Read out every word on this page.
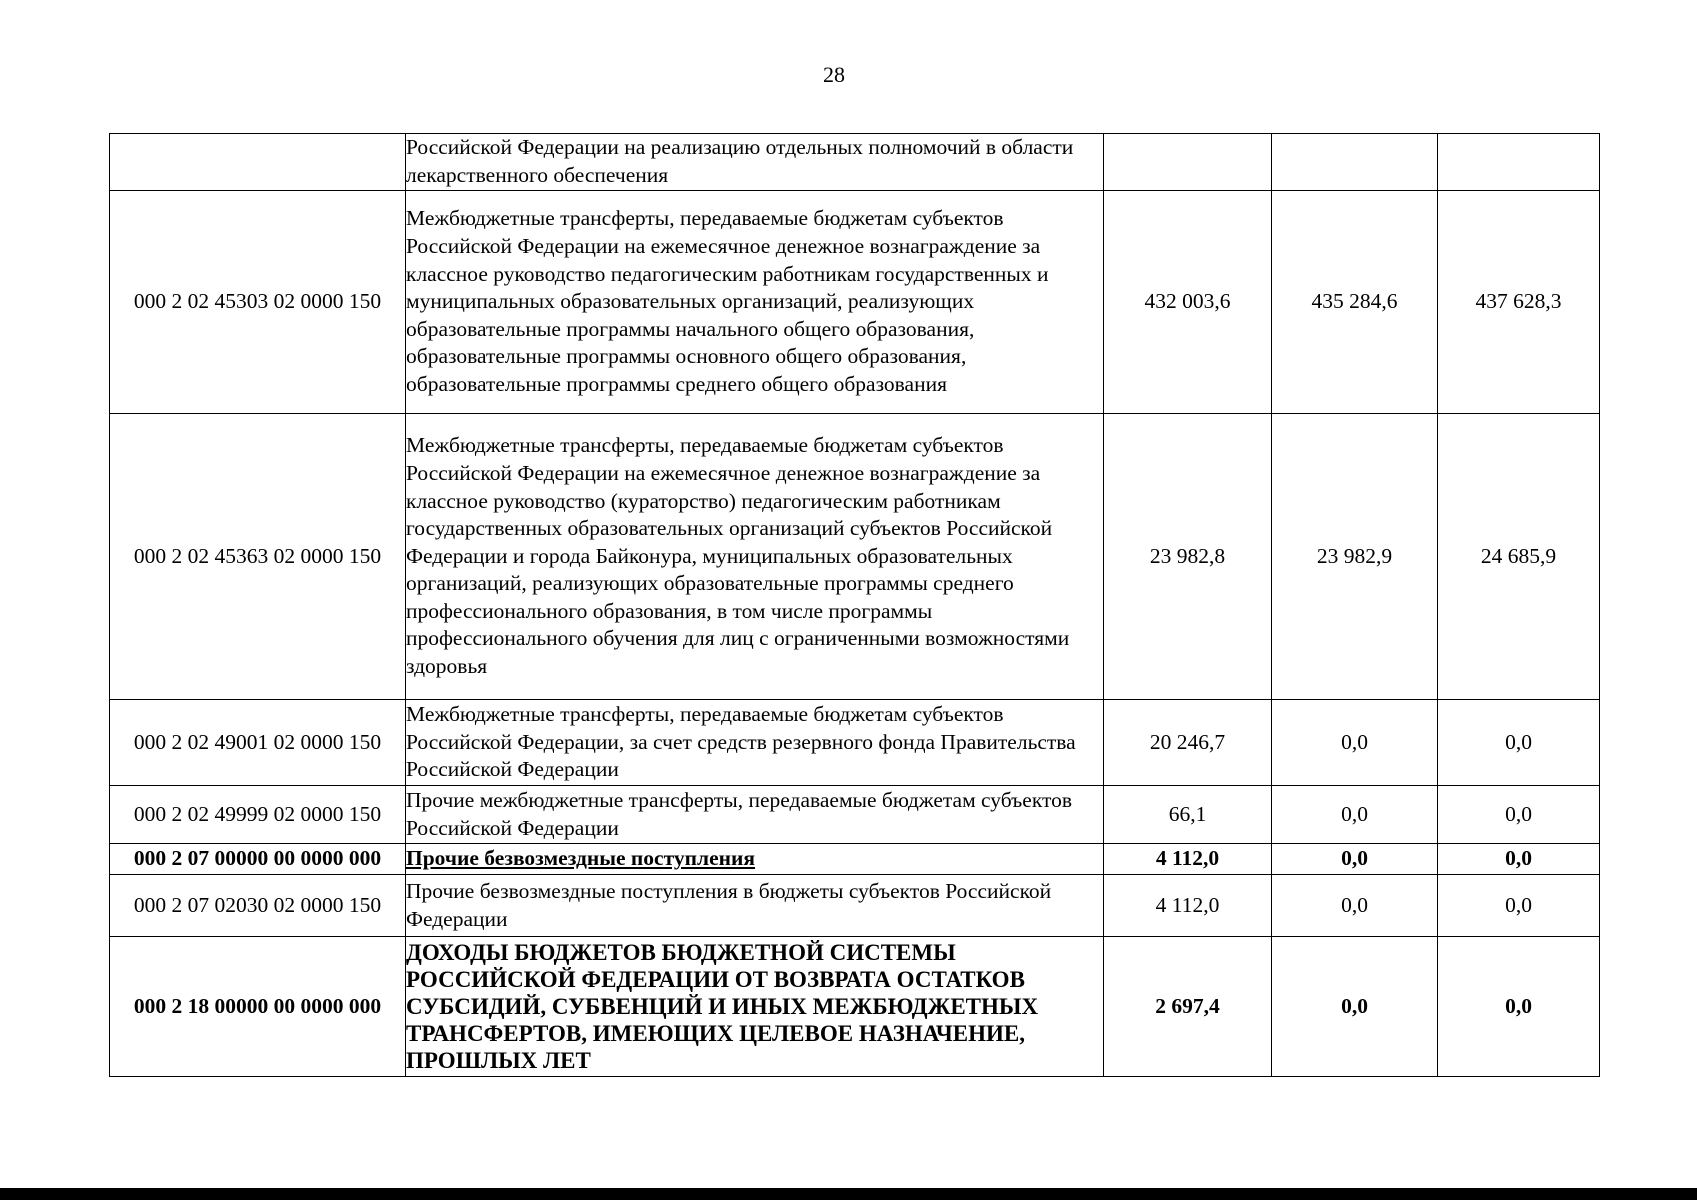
28
	Российской Федерации на реализацию отдельных полномочий в области лекарственного обеспечения			
000 2 02 45303 02 0000 150	Межбюджетные трансферты, передаваемые бюджетам субъектов Российской Федерации на ежемесячное денежное вознаграждение за классное руководство педагогическим работникам государственных и муниципальных образовательных организаций, реализующих образовательные программы начального общего образования, образовательные программы основного общего образования, образовательные программы среднего общего образования	432 003,6	435 284,6	437 628,3
000 2 02 45363 02 0000 150	Межбюджетные трансферты, передаваемые бюджетам субъектов Российской Федерации на ежемесячное денежное вознаграждение за классное руководство (кураторство) педагогическим работникам государственных образовательных организаций субъектов Российской Федерации и города Байконура, муниципальных образовательных организаций, реализующих образовательные программы среднего профессионального образования, в том числе программы профессионального обучения для лиц с ограниченными возможностями здоровья	23 982,8	23 982,9	24 685,9
000 2 02 49001 02 0000 150	Межбюджетные трансферты, передаваемые бюджетам субъектов Российской Федерации, за счет средств резервного фонда Правительства Российской Федерации	20 246,7	0,0	0,0
000 2 02 49999 02 0000 150	Прочие межбюджетные трансферты, передаваемые бюджетам субъектов Российской Федерации	66,1	0,0	0,0
000 2 07 00000 00 0000 000	Прочие безвозмездные поступления	4 112,0	0,0	0,0
000 2 07 02030 02 0000 150	Прочие безвозмездные поступления в бюджеты субъектов Российской Федерации	4 112,0	0,0	0,0
000 2 18 00000 00 0000 000	ДОХОДЫ БЮДЖЕТОВ БЮДЖЕТНОЙ СИСТЕМЫ РОССИЙСКОЙ ФЕДЕРАЦИИ ОТ ВОЗВРАТА ОСТАТКОВ СУБСИДИЙ, СУБВЕНЦИЙ И ИНЫХ МЕЖБЮДЖЕТНЫХ ТРАНСФЕРТОВ, ИМЕЮЩИХ ЦЕЛЕВОЕ НАЗНАЧЕНИЕ, ПРОШЛЫХ ЛЕТ	2 697,4	0,0	0,0
